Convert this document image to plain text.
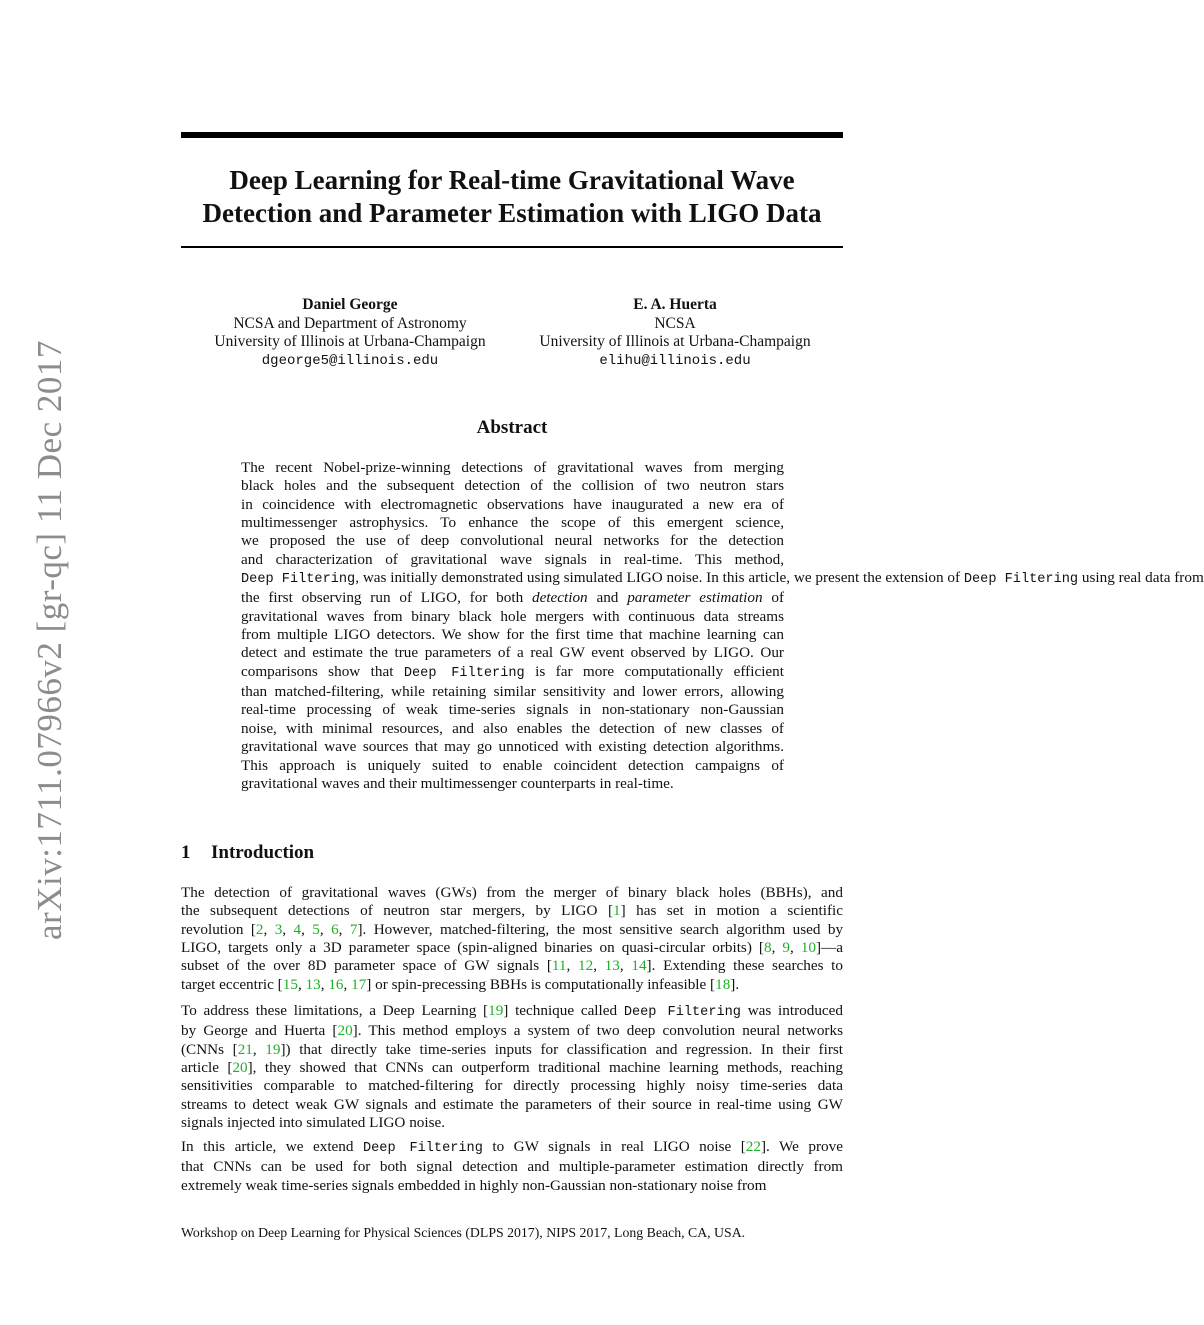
arXiv:1711.07966v2 [gr-qc] 11 Dec 2017
Deep Learning for Real-time Gravitational Wave
Detection and Parameter Estimation with LIGO Data
Daniel George
NCSA and Department of Astronomy
University of Illinois at Urbana-Champaign
dgeorge5@illinois.edu
E. A. Huerta
NCSA
University of Illinois at Urbana-Champaign
elihu@illinois.edu
Abstract
The recent Nobel-prize-winning detections of gravitational waves from merging
black holes and the subsequent detection of the collision of two neutron stars
in coincidence with electromagnetic observations have inaugurated a new era of
multimessenger astrophysics. To enhance the scope of this emergent science,
we proposed the use of deep convolutional neural networks for the detection
and characterization of gravitational wave signals in real-time. This method,
Deep Filtering, was initially demonstrated using simulated LIGO noise. In this article, we present the extension of Deep Filtering using real data from
the first observing run of LIGO, for both detection and parameter estimation of
gravitational waves from binary black hole mergers with continuous data streams
from multiple LIGO detectors. We show for the first time that machine learning can
detect and estimate the true parameters of a real GW event observed by LIGO. Our
comparisons show that Deep Filtering is far more computationally efficient
than matched-filtering, while retaining similar sensitivity and lower errors, allowing
real-time processing of weak time-series signals in non-stationary non-Gaussian
noise, with minimal resources, and also enables the detection of new classes of
gravitational wave sources that may go unnoticed with existing detection algorithms.
This approach is uniquely suited to enable coincident detection campaigns of
gravitational waves and their multimessenger counterparts in real-time.
1 Introduction
The detection of gravitational waves (GWs) from the merger of binary black holes (BBHs), and
the subsequent detections of neutron star mergers, by LIGO [1] has set in motion a scientific
revolution [2, 3, 4, 5, 6, 7]. However, matched-filtering, the most sensitive search algorithm used by
LIGO, targets only a 3D parameter space (spin-aligned binaries on quasi-circular orbits) [8, 9, 10]—a
subset of the over 8D parameter space of GW signals [11, 12, 13, 14]. Extending these searches to
target eccentric [15, 13, 16, 17] or spin-precessing BBHs is computationally infeasible [18].
To address these limitations, a Deep Learning [19] technique called Deep Filtering was introduced
by George and Huerta [20]. This method employs a system of two deep convolution neural networks
(CNNs [21, 19]) that directly take time-series inputs for classification and regression. In their first
article [20], they showed that CNNs can outperform traditional machine learning methods, reaching
sensitivities comparable to matched-filtering for directly processing highly noisy time-series data
streams to detect weak GW signals and estimate the parameters of their source in real-time using GW
signals injected into simulated LIGO noise.
In this article, we extend Deep Filtering to GW signals in real LIGO noise [22]. We prove
that CNNs can be used for both signal detection and multiple-parameter estimation directly from
extremely weak time-series signals embedded in highly non-Gaussian non-stationary noise from
Workshop on Deep Learning for Physical Sciences (DLPS 2017), NIPS 2017, Long Beach, CA, USA.
